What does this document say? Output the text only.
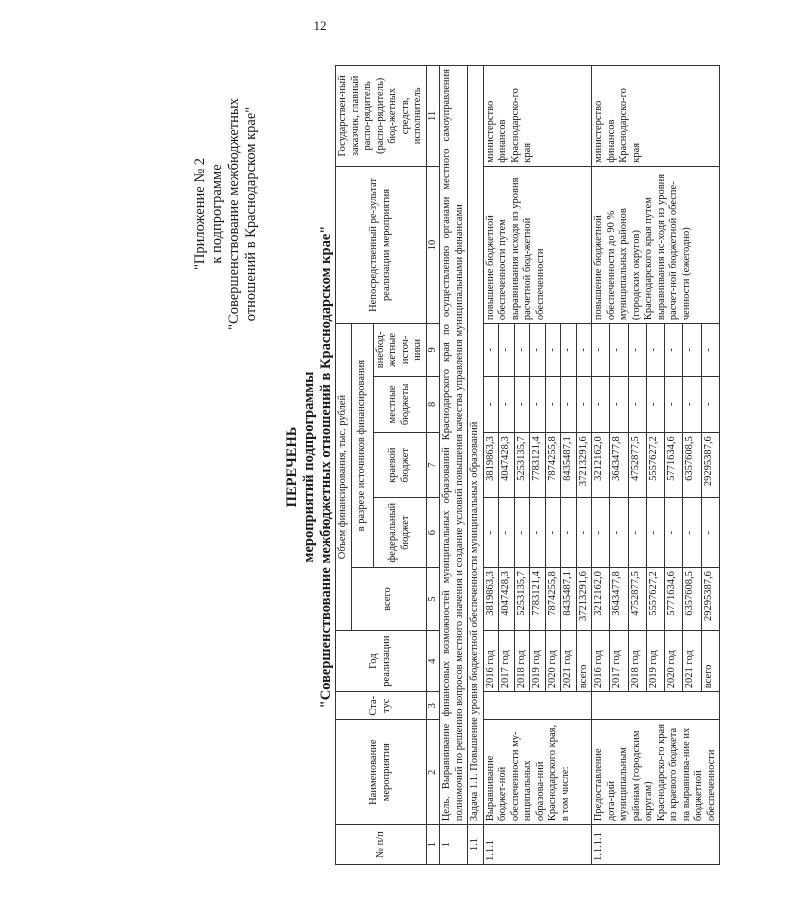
12
"Приложение № 2 к подпрограмме "Совершенствование межбюджетных отношений в Краснодарском крае"
ПЕРЕЧЕНЬ мероприятий подпрограммы "Совершенствование межбюджетных отношений в Краснодарском крае"
№ п/п	Наименование мероприятия	Ста-тус	Год реализации	Объем финансирования, тыс. рублей					Непосредственный ре-зультат реализации мероприятия	Государствен-ный заказчик, главный распо-рядитель (распо-рядитель) бюд-жетных средств, исполнитель
				всего	в разрезе источников финансирования					
					федеральный бюджет	краевой бюджет	местные бюджеты	внебюд-жетные источ-ники		
1	2	3	4	5	6	7	8	9	10	11
1	Цель. Выравнивание финансовых возможностей муниципальных образований Краснодарского края по осуществлению органами местного самоуправления полномочий по решению вопросов местного значения и создание условий повышения качества управления муниципальными финансами									
1.1	Задача 1.1. Повышение уровня бюджетной обеспеченности муниципальных образований									
1.1.1	Выравнивание бюджет-ной обеспеченности му-ниципальных образова-ний Краснодарского края, в том числе:		2016 год	3819863,3	-	3819863,3	-	-	повышение бюджетной обеспеченности путем выравнивания исходя из уровня расчетной бюд-жетной обеспеченности	министерство финансов Краснодарско-го края
			2017 год	4047428,3	-	4047428,3	-	-		
			2018 год	5253135,7	-	5253135,7	-	-		
			2019 год	7783121,4	-	7783121,4	-	-		
			2020 год	7874255,8	-	7874255,8	-	-		
			2021 год	8435487,1	-	8435487,1	-	-		
			всего	37213291,6	-	37213291,6	-	-		
1.1.1.1	Предоставление дота-ций муниципальным районам (городским округам) Краснодарско-го края из краевого бюджета на выравнива-ние их бюджетной обеспеченности		2016 год	3212162,0	-	3212162,0	-	-	повышение бюджетной обеспеченности до 90 % муниципальных районов (городских округов) Краснодарского края путем выравнивания ис-ходя из уровня расчет-ной бюджетной обеспе-ченности (ежегодно)	министерство финансов Краснодарско-го края
			2017 год	3643477,8	-	3643477,8	-	-		
			2018 год	4752877,5	-	4752877,5	-	-		
			2019 год	5557627,2	-	5557627,2	-	-		
			2020 год	5771634,6	-	5771634,6	-	-		
			2021 год	6357608,5	-	6357608,5	-	-		
			всего	29295387,6	-	29295387,6	-	-		
